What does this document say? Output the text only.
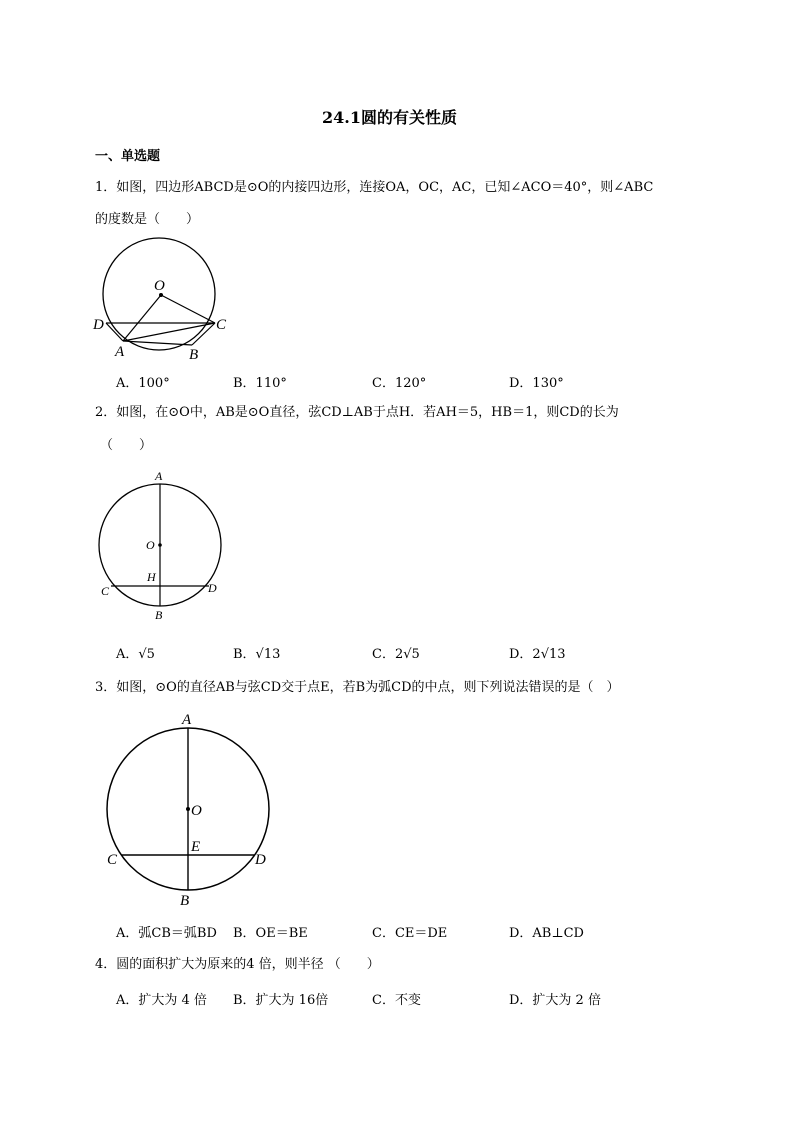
24.1圆的有关性质
一、单选题
1．如图，四边形ABCD是⊙O的内接四边形，连接OA，OC，AC，已知∠ACO＝40°，则∠ABC
的度数是（　　）
O
D	C
A	B
A．100°	B．110°	C．120°	D．130°
2．如图，在⊙O中，AB是⊙O直径，弦CD⊥AB于点H．若AH＝5，HB＝1，则CD的长为
（　　）
A
O
H
C	D
B
A．√5	B．√13	C．2√5	D．2√13
3．如图，⊙O的直径AB与弦CD交于点E，若B为弧CD的中点，则下列说法错误的是（　）
A
O
E
C	D
B
A．弧CB＝弧BD B．OE＝BE	C．CE＝DE	D．AB⊥CD
4．圆的面积扩大为原来的4 倍，则半径 （　　）
A．扩大为 4 倍 B．扩大为 16倍	C．不变	D．扩大为 2 倍
